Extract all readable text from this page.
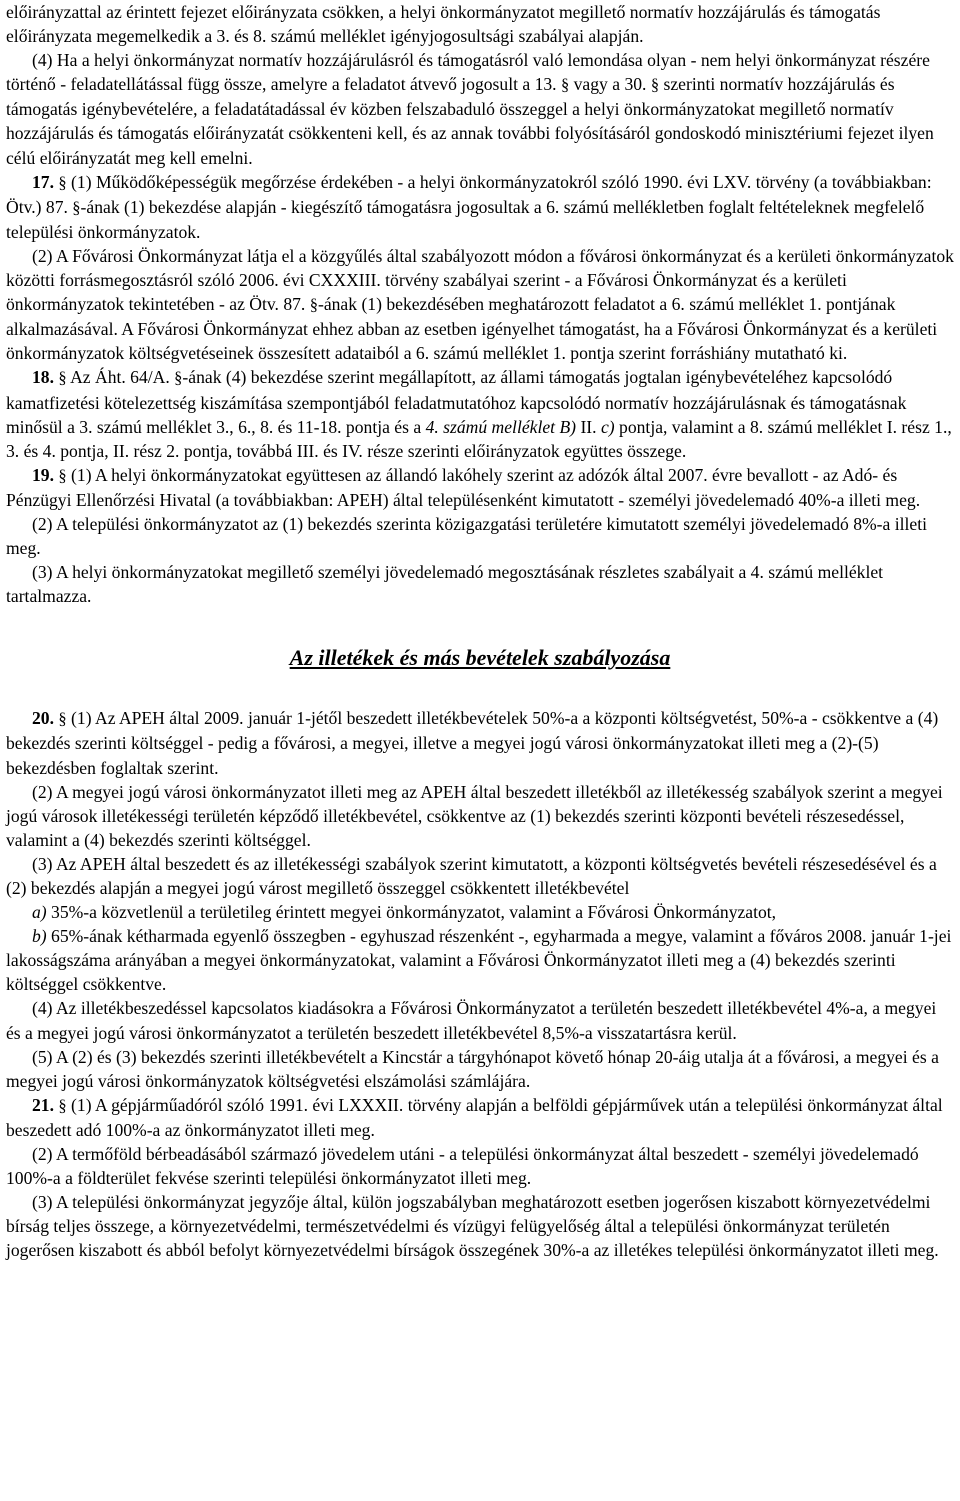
előirányzattal az érintett fejezet előirányzata csökken, a helyi önkormányzatot megillető normatív hozzájárulás és támogatás előirányzata megemelkedik a 3. és 8. számú melléklet igényjogosultsági szabályai alapján.

(4) Ha a helyi önkormányzat normatív hozzájárulásról és támogatásról való lemondása olyan - nem helyi önkormányzat részére történő - feladatellátással függ össze, amelyre a feladatot átvevő jogosult a 13. § vagy a 30. § szerinti normatív hozzájárulás és támogatás igénybevételére, a feladatátadással év közben felszabaduló összeggel a helyi önkormányzatokat megillető normatív hozzájárulás és támogatás előirányzatát csökkenteni kell, és az annak további folyósításáról gondoskodó minisztériumi fejezet ilyen célú előirányzatát meg kell emelni.

17. § (1) Működőképességük megőrzése érdekében - a helyi önkormányzatokról szóló 1990. évi LXV. törvény (a továbbiakban: Ötv.) 87. §-ának (1) bekezdése alapján - kiegészítő támogatásra jogosultak a 6. számú mellékletben foglalt feltételeknek megfelelő települési önkormányzatok.

(2) A Fővárosi Önkormányzat látja el a közgyűlés által szabályozott módon a fővárosi önkormányzat és a kerületi önkormányzatok közötti forrásmegosztásról szóló 2006. évi CXXXIII. törvény szabályai szerint - a Fővárosi Önkormányzat és a kerületi önkormányzatok tekintetében - az Ötv. 87. §-ának (1) bekezdésében meghatározott feladatot a 6. számú melléklet 1. pontjának alkalmazásával. A Fővárosi Önkormányzat ehhez abban az esetben igényelhet támogatást, ha a Fővárosi Önkormányzat és a kerületi önkormányzatok költségvetéseinek összesített adataiból a 6. számú melléklet 1. pontja szerint forráshiány mutatható ki.

18. § Az Áht. 64/A. §-ának (4) bekezdése szerint megállapított, az állami támogatás jogtalan igénybevételéhez kapcsolódó kamatfizetési kötelezettség kiszámítása szempontjából feladatmutatóhoz kapcsolódó normatív hozzájárulásnak és támogatásnak minősül a 3. számú melléklet 3., 6., 8. és 11-18. pontja és a 4. számú melléklet B) II. c) pontja, valamint a 8. számú melléklet I. rész 1., 3. és 4. pontja, II. rész 2. pontja, továbbá III. és IV. része szerinti előirányzatok együttes összege.

19. § (1) A helyi önkormányzatokat együttesen az állandó lakóhely szerint az adózók által 2007. évre bevallott - az Adó- és Pénzügyi Ellenőrzési Hivatal (a továbbiakban: APEH) által településenként kimutatott - személyi jövedelemadó 40%-a illeti meg.

(2) A települési önkormányzatot az (1) bekezdés szerinta közigazgatási területére kimutatott személyi jövedelemadó 8%-a illeti meg.

(3) A helyi önkormányzatokat megillető személyi jövedelemadó megosztásának részletes szabályait a 4. számú melléklet tartalmazza.

Az illetékek és más bevételek szabályozása

20. § (1) Az APEH által 2009. január 1-jétől beszedett illetékbevételek 50%-a a központi költségvetést, 50%-a - csökkentve a (4) bekezdés szerinti költséggel - pedig a fővárosi, a megyei, illetve a megyei jogú városi önkormányzatokat illeti meg a (2)-(5) bekezdésben foglaltak szerint.

(2) A megyei jogú városi önkormányzatot illeti meg az APEH által beszedett illetékből az illetékesség szabályok szerint a megyei jogú városok illetékességi területén képződő illetékbevétel, csökkentve az (1) bekezdés szerinti központi bevételi részesedéssel, valamint a (4) bekezdés szerinti költséggel.

(3) Az APEH által beszedett és az illetékességi szabályok szerint kimutatott, a központi költségvetés bevételi részesedésével és a (2) bekezdés alapján a megyei jogú várost megillető összeggel csökkentett illetékbevétel

a) 35%-a közvetlenül a területileg érintett megyei önkormányzatot, valamint a Fővárosi Önkormányzatot,

b) 65%-ának kétharmada egyenlő összegben - egyhuszad részenként -, egyharmada a megye, valamint a főváros 2008. január 1-jei lakosságszáma arányában a megyei önkormányzatokat, valamint a Fővárosi Önkormányzatot illeti meg a (4) bekezdés szerinti költséggel csökkentve.

(4) Az illetékbeszedéssel kapcsolatos kiadásokra a Fővárosi Önkormányzatot a területén beszedett illetékbevétel 4%-a, a megyei és a megyei jogú városi önkormányzatot a területén beszedett illetékbevétel 8,5%-a visszatartásra kerül.

(5) A (2) és (3) bekezdés szerinti illetékbevételt a Kincstár a tárgyhónapot követő hónap 20-áig utalja át a fővárosi, a megyei és a megyei jogú városi önkormányzatok költségvetési elszámolási számlájára.

21. § (1) A gépjárműadóról szóló 1991. évi LXXXII. törvény alapján a belföldi gépjárművek után a települési önkormányzat által beszedett adó 100%-a az önkormányzatot illeti meg.

(2) A termőföld bérbeadásából származó jövedelem utáni - a települési önkormányzat által beszedett - személyi jövedelemadó 100%-a a földterület fekvése szerinti települési önkormányzatot illeti meg.

(3) A települési önkormányzat jegyzője által, külön jogszabályban meghatározott esetben jogerősen kiszabott környezetvédelmi bírság teljes összege, a környezetvédelmi, természetvédelmi és vízügyi felügyelőség által a települési önkormányzat területén jogerősen kiszabott és abból befolyt környezetvédelmi bírságok összegének 30%-a az illetékes települési önkormányzatot illeti meg.
